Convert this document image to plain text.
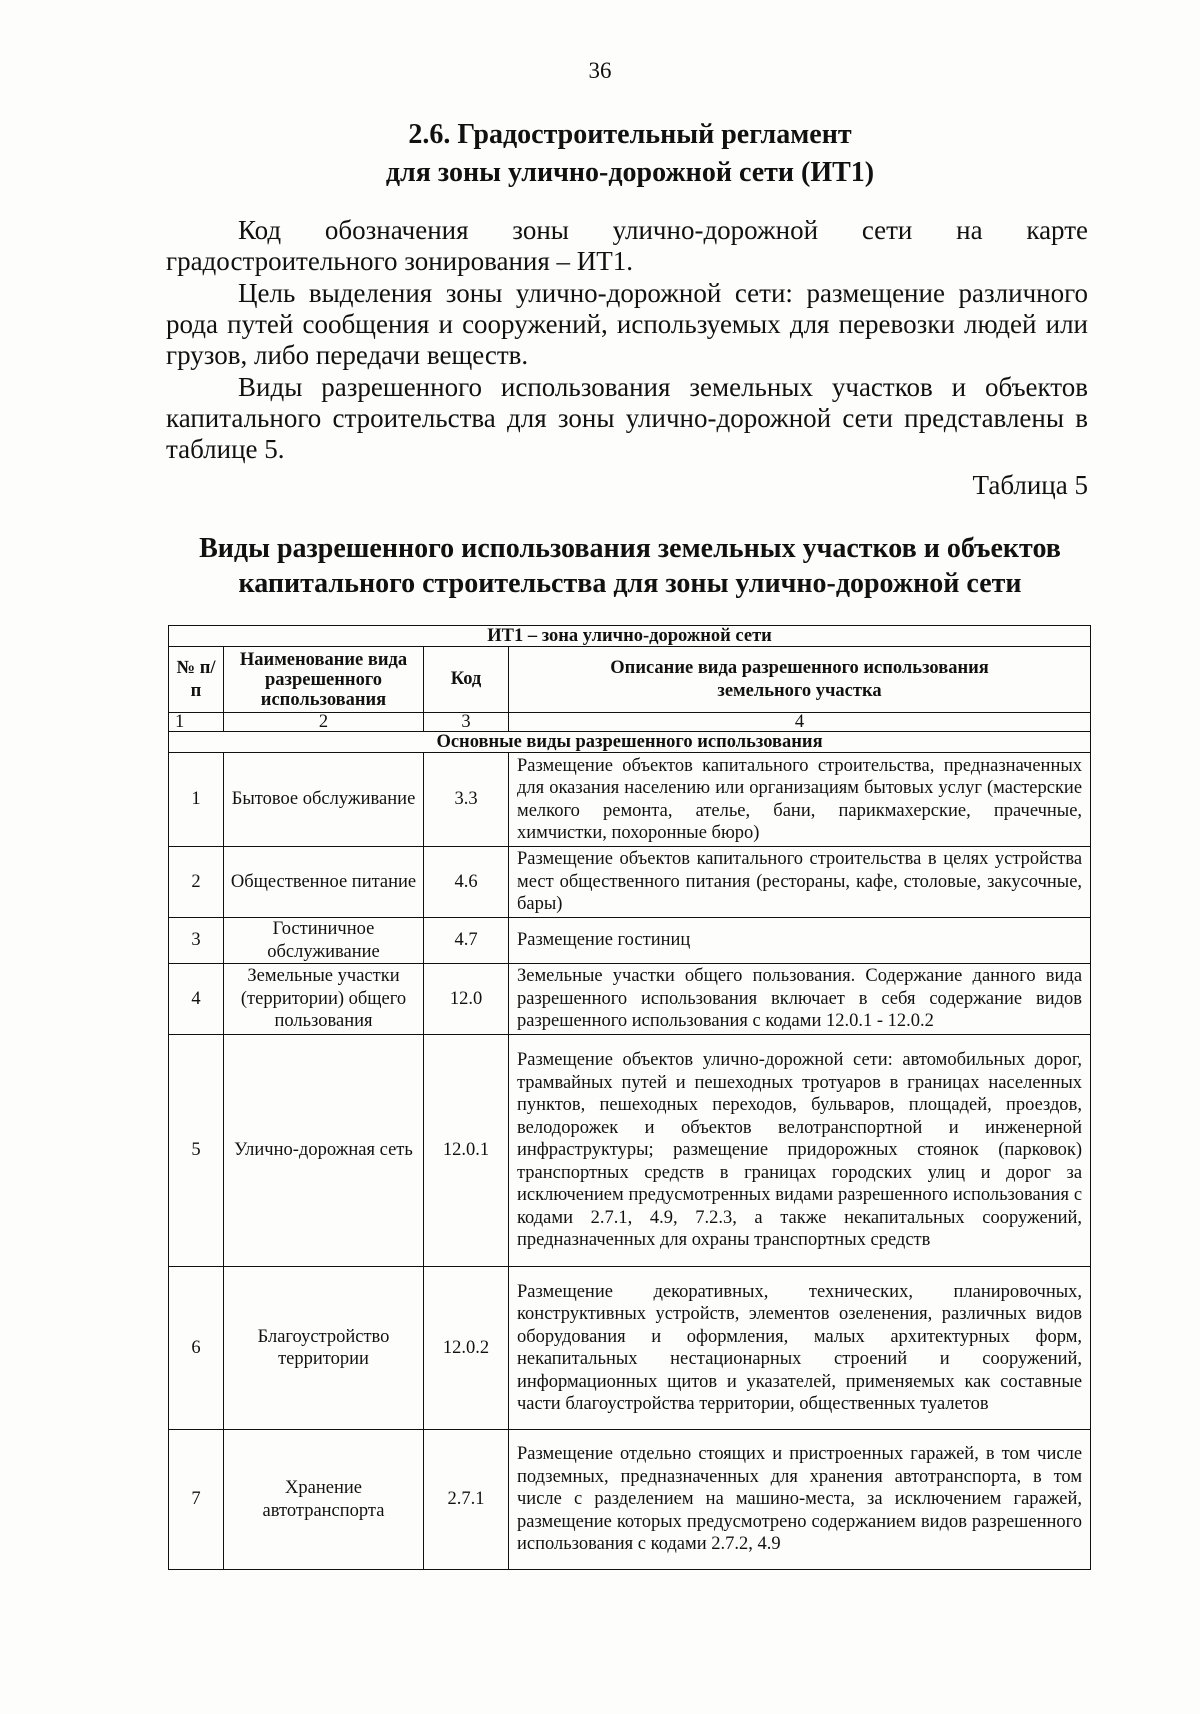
36
2.6. Градостроительный регламент
для зоны улично-дорожной сети (ИТ1)
Код обозначения зоны улично-дорожной сети на карте градостроительного зонирования – ИТ1.
Цель выделения зоны улично-дорожной сети: размещение различного рода путей сообщения и сооружений, используемых для перевозки людей или грузов, либо передачи веществ.
Виды разрешенного использования земельных участков и объектов капитального строительства для зоны улично-дорожной сети представлены в таблице 5.
Таблица 5
Виды разрешенного использования земельных участков и объектов
капитального строительства для зоны улично-дорожной сети
ИТ1 – зона улично-дорожной сети			
№ п/п	Наименование вида разрешенного использования	Код	Описание вида разрешенного использования земельного участка
1	2	3	4
Основные виды разрешенного использования			
1	Бытовое обслуживание	3.3	Размещение объектов капитального строительства, предназначенных для оказания населению или организациям бытовых услуг (мастерские мелкого ремонта, ателье, бани, парикмахерские, прачечные, химчистки, похоронные бюро)
2	Общественное питание	4.6	Размещение объектов капитального строительства в целях устройства мест общественного питания (рестораны, кафе, столовые, закусочные, бары)
3	Гостиничное обслуживание	4.7	Размещение гостиниц
4	Земельные участки (территории) общего пользования	12.0	Земельные участки общего пользования. Содержание данного вида разрешенного использования включает в себя содержание видов разрешенного использования с кодами 12.0.1 - 12.0.2
5	Улично-дорожная сеть	12.0.1	Размещение объектов улично-дорожной сети: автомобильных дорог, трамвайных путей и пешеходных тротуаров в границах населенных пунктов, пешеходных переходов, бульваров, площадей, проездов, велодорожек и объектов велотранспортной и инженерной инфраструктуры; размещение придорожных стоянок (парковок) транспортных средств в границах городских улиц и дорог за исключением предусмотренных видами разрешенного использования с кодами 2.7.1, 4.9, 7.2.3, а также некапитальных сооружений, предназначенных для охраны транспортных средств
6	Благоустройство территории	12.0.2	Размещение декоративных, технических, планировочных, конструктивных устройств, элементов озеленения, различных видов оборудования и оформления, малых архитектурных форм, некапитальных нестационарных строений и сооружений, информационных щитов и указателей, применяемых как составные части благоустройства территории, общественных туалетов
7	Хранение автотранспорта	2.7.1	Размещение отдельно стоящих и пристроенных гаражей, в том числе подземных, предназначенных для хранения автотранспорта, в том числе с разделением на машино-места, за исключением гаражей, размещение которых предусмотрено содержанием видов разрешенного использования с кодами 2.7.2, 4.9
